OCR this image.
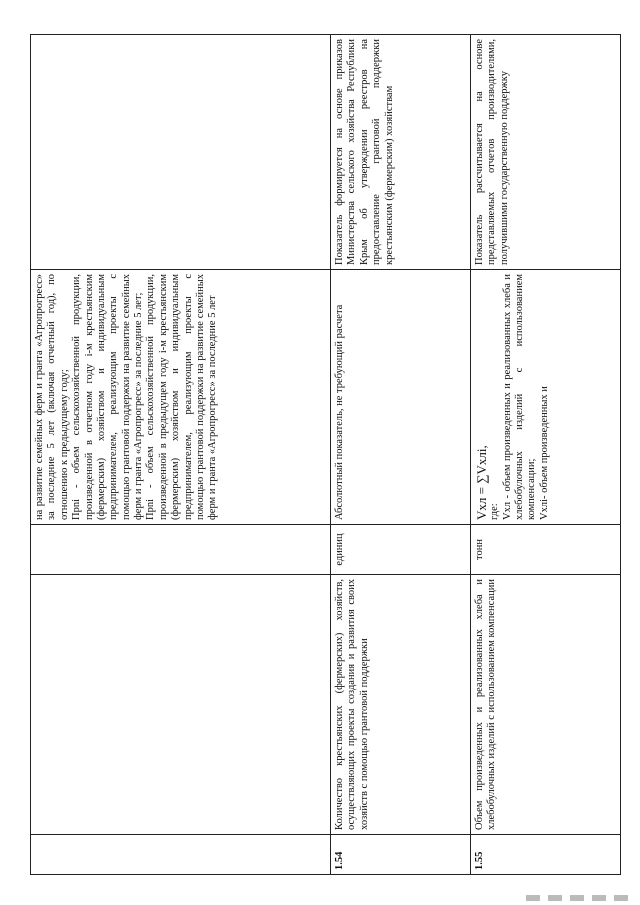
			на развитие семейных ферм и гранта «Агропрогресс» за последние 5 лет (включая отчетный год), по отношению к предыдущему году; Прni - объем сельскохозяйственной продукции, произведенной в отчетном году i-м крестьянским (фермерским) хозяйством и индивидуальным предпринимателем, реализующим проекты с помощью грантовой поддержки на развитие семейных ферм и гранта «Агропрогресс» за последние 5 лет; Прni - объем сельскохозяйственной продукции, произведенной в предыдущем году i-м крестьянским (фермерским) хозяйством и индивидуальным предпринимателем, реализующим проекты с помощью грантовой поддержки на развитие семейных ферм и гранта «Агропрогресс» за последние 5 лет	

1.54	Количество крестьянских (фермерских) хозяйств, осуществляющих проекты создания и развития своих хозяйств с помощью грантовой поддержки	единиц	Абсолютный показатель, не требующий расчета	Показатель формируется на основе приказов Министерства сельского хозяйства Республики Крым об утверждении реестров на предоставление грантовой поддержки крестьянским (фермерским) хозяйствам
1.55	Объем произведенных и реализованных хлеба и хлебобулочных изделий с использованием компенсации	тонн	Vхл = ∑Vхлi, где: Vхл - объем произведенных и реализованных хлеба и хлебобулочных изделий с использованием компенсации; Vхлi- объем произведенных и	Показатель рассчитывается на основе представляемых отчетов производителями, получившими государственную поддержку
